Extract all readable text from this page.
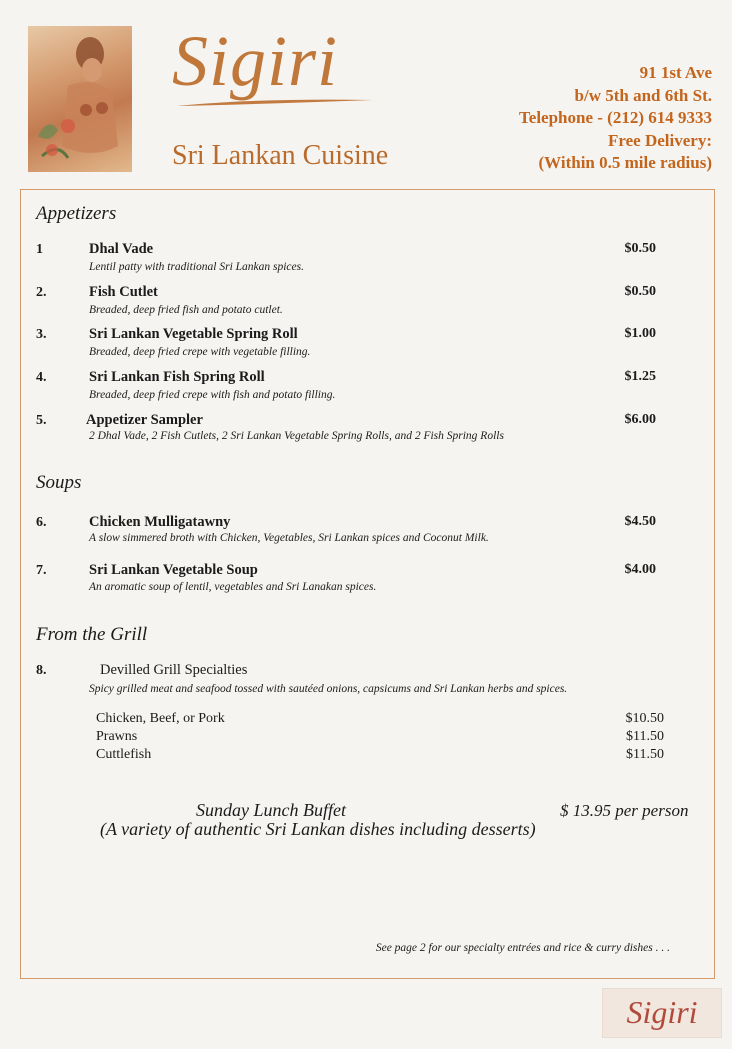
Sigiri
Sri Lankan Cuisine
91 1st Ave
b/w 5th and 6th St.
Telephone - (212) 614 9333
Free Delivery:
(Within 0.5 mile radius)
Appetizers
1	Dhal Vade
Lentil patty with traditional Sri Lankan spices.
$0.50
2.	Fish Cutlet
Breaded, deep fried fish and potato cutlet.
$0.50
3.	Sri Lankan Vegetable Spring Roll
Breaded, deep fried crepe with vegetable filling.
$1.00
4.	Sri Lankan Fish Spring Roll
Breaded, deep fried crepe with fish and potato filling.
$1.25
5.	Appetizer Sampler
2 Dhal Vade, 2 Fish Cutlets, 2 Sri Lankan Vegetable Spring Rolls, and 2 Fish Spring Rolls
$6.00
Soups
6.	Chicken Mulligatawny
A slow simmered broth with Chicken, Vegetables, Sri Lankan spices and Coconut Milk.
$4.50
7.	Sri Lankan Vegetable Soup
An aromatic soup of lentil, vegetables and Sri Lanakan spices.
$4.00
From the Grill
8.	Devilled Grill Specialties
Spicy grilled meat and seafood tossed with sautéed onions, capsicums and Sri Lankan herbs and spices.
Chicken, Beef, or Pork	$10.50
Prawns	$11.50
Cuttlefish	$11.50
Sunday Lunch Buffet	$ 13.95 per person
(A variety of authentic Sri Lankan dishes including desserts)
See page 2 for our specialty entrées and rice & curry dishes . . .
Sigiri
